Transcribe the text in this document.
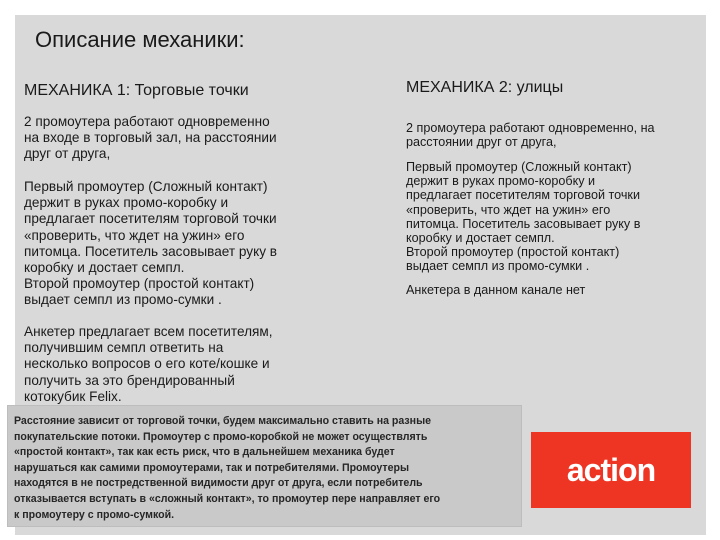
Описание механики:
МЕХАНИКА 1: Торговые точки
2 промоутера работают одновременно
на входе в торговый зал, на расстоянии
друг от друга,
Первый промоутер (Сложный контакт)
держит в руках промо-коробку и
предлагает посетителям торговой точки
«проверить, что ждет на ужин» его
питомца. Посетитель засовывает руку в
коробку и достает семпл.
Второй промоутер (простой контакт)
выдает семпл из промо-сумки .
Анкетер предлагает всем посетителям,
получившим семпл ответить на
несколько вопросов о его коте/кошке и
получить за это брендированный
котокубик Felix.
МЕХАНИКА 2: улицы
2 промоутера работают одновременно, на
расстоянии друг от друга,
Первый промоутер (Сложный контакт)
держит в руках промо-коробку и
предлагает посетителям торговой точки
«проверить, что ждет на ужин» его
питомца. Посетитель засовывает руку в
коробку и достает семпл.
Второй промоутер (простой контакт)
выдает семпл из промо-сумки .
Анкетера в данном канале нет
Расстояние зависит от торговой точки, будем максимально ставить на разные
покупательские потоки. Промоутер с промо-коробкой не может осуществлять
«простой контакт», так как есть риск, что в дальнейшем механика будет
нарушаться как самими промоутерами, так и потребителями. Промоутеры
находятся в не постредственной видимости друг от друга, если потребитель
отказывается вступать в «сложный контакт», то промоутер пере направляет его
к промоутеру с промо-сумкой.
action
